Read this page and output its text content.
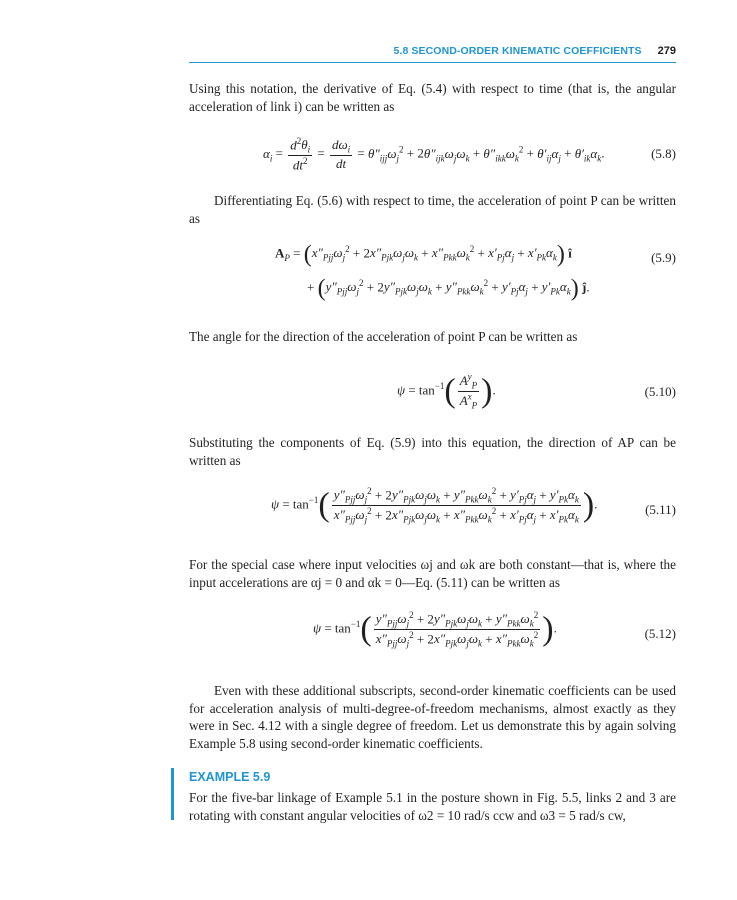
5.8 SECOND-ORDER KINEMATIC COEFFICIENTS 279

Using this notation, the derivative of Eq. (5.4) with respect to time (that is, the angular acceleration of link i) can be written as

$\alpha_i = \frac{d^2\theta_i}{dt^2} = \frac{d\omega_i}{dt} = \theta''_{ijj}\omega_j^2 + 2\theta''_{ijk}\omega_j\omega_k + \theta''_{ikk}\omega_k^2 + \theta'_{ij}\alpha_j + \theta'_{ik}\alpha_k$.	(5.8)

Differentiating Eq. (5.6) with respect to time, the acceleration of point P can be written as

$A_P = (x''_{Pjj}\omega_j^2 + 2x''_{Pjk}\omega_j\omega_k + x''_{Pkk}\omega_k^2 + x'_{Pj}\alpha_j + x'_{Pk}\alpha_k)$ î
+ $(y''_{Pjj}\omega_j^2 + 2y''_{Pjk}\omega_j\omega_k + y''_{Pkk}\omega_k^2 + y'_{Pj}\alpha_j + y'_{Pk}\alpha_k)$ ĵ.
(5.9)

The angle for the direction of the acceleration of point P can be written as

$\psi = \tan^{-1}( \frac{A^y_P}{A^x_P}$ ).	(5.10)

Substituting the components of Eq. (5.9) into this equation, the direction of AP can be written as

$\psi = \tan^{-1}( \frac{y''_{Pjj}\omega_j^2 + 2y''_{Pjk}\omega_j\omega_k + y''_{Pkk}\omega_k^2 + y'_{Pj}\alpha_j + y'_{Pk}\alpha_k}{x''_{Pjj}\omega_j^2 + 2x''_{Pjk}\omega_j\omega_k + x''_{Pkk}\omega_k^2 + x'_{Pj}\alpha_j + x'_{Pk}\alpha_k}$ ).	(5.11)

For the special case where input velocities ωj and ωk are both constant—that is, where the input accelerations are αj = 0 and αk = 0—Eq. (5.11) can be written as

$\psi = \tan^{-1}( \frac{y''_{Pjj}\omega_j^2 + 2y''_{Pjk}\omega_j\omega_k + y''_{Pkk}\omega_k^2}{x''_{Pjj}\omega_j^2 + 2x''_{Pjk}\omega_j\omega_k + x''_{Pkk}\omega_k^2}$ ).	(5.12)

Even with these additional subscripts, second-order kinematic coefficients can be used for acceleration analysis of multi-degree-of-freedom mechanisms, almost exactly as they were in Sec. 4.12 with a single degree of freedom. Let us demonstrate this by again solving Example 5.8 using second-order kinematic coefficients.

EXAMPLE 5.9

For the five-bar linkage of Example 5.1 in the posture shown in Fig. 5.5, links 2 and 3 are rotating with constant angular velocities of ω2 = 10 rad/s ccw and ω3 = 5 rad/s cw,
